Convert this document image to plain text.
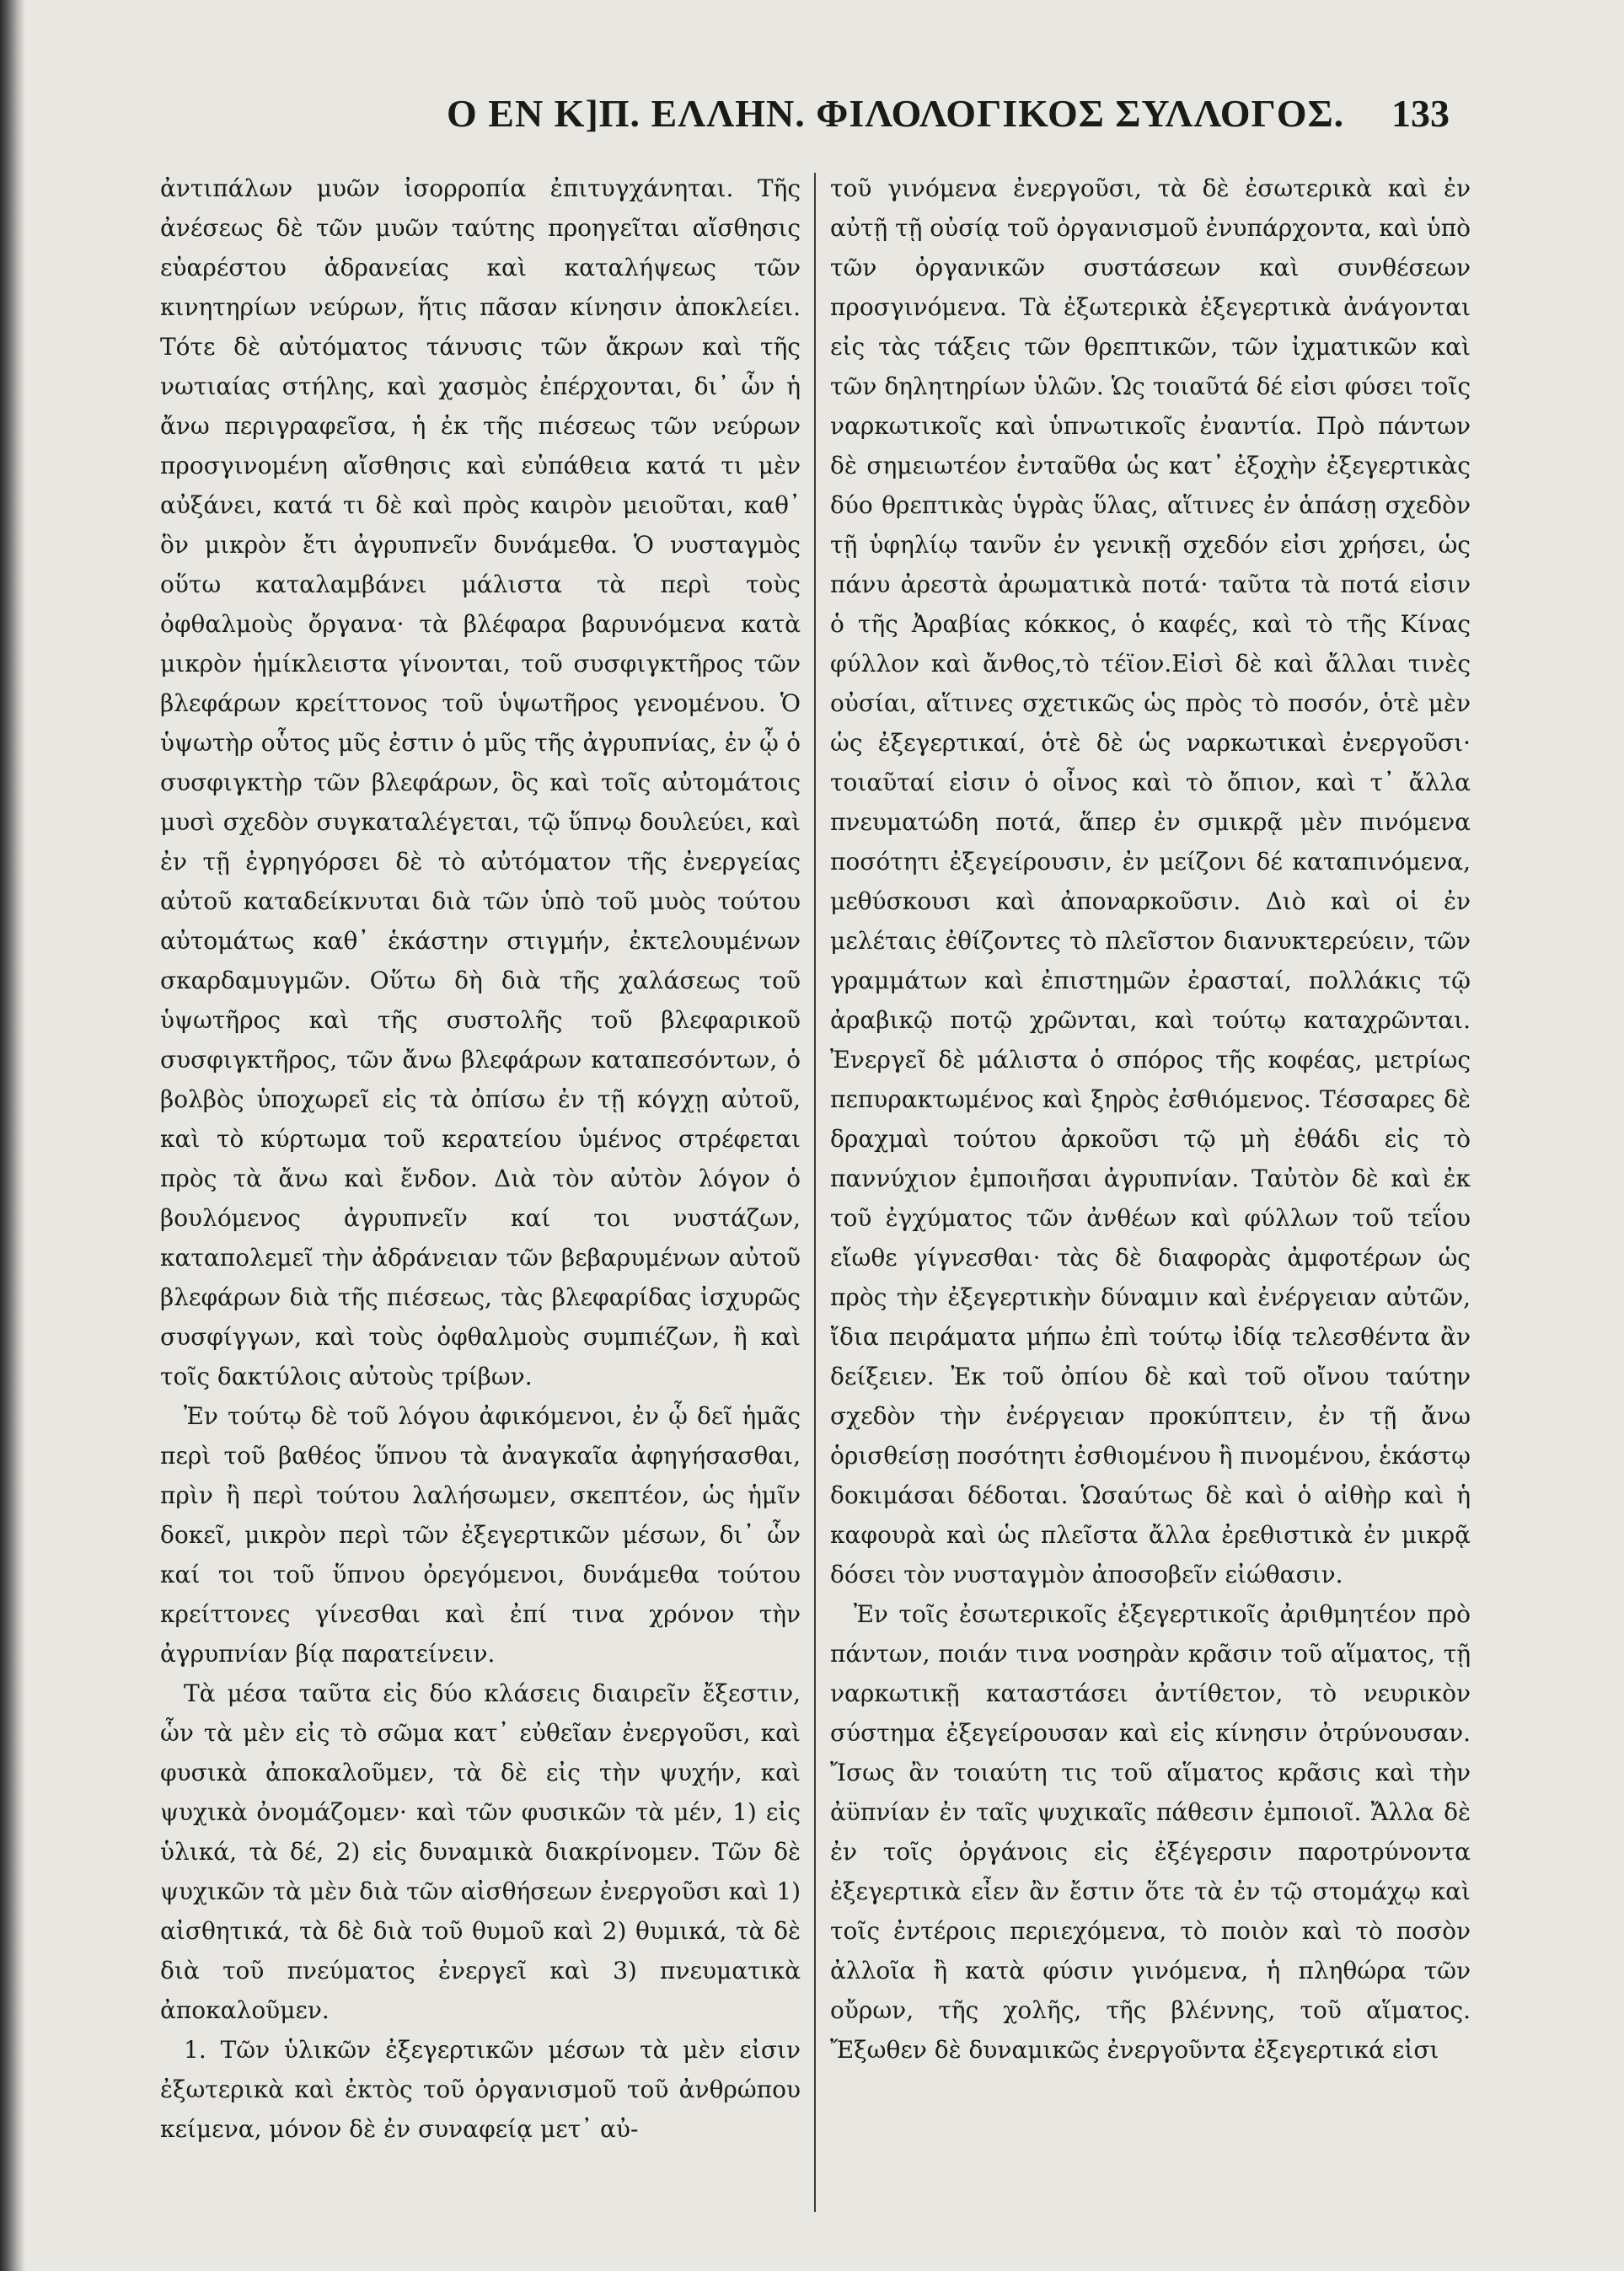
Ο ΕΝ Κ]Π. ΕΛΛΗΝ. ΦΙΛΟΛΟΓΙΚΟΣ ΣΥΛΛΟΓΟΣ. 133

ἀντιπάλων μυῶν ἰσορροπία ἐπιτυγχάνηται. Τῆς ἀνέσεως δὲ τῶν μυῶν ταύτης προηγεῖται αἴσθησις εὐαρέστου ἀδρανείας καὶ καταλήψεως τῶν κινητηρίων νεύρων, ἥτις πᾶσαν κίνησιν ἀποκλείει. Τότε δὲ αὐτόματος τάνυσις τῶν ἄκρων καὶ τῆς νωτιαίας στήλης, καὶ χασμὸς ἐπέρχονται, δι᾽ ὧν ἡ ἄνω περιγραφεῖσα, ἡ ἐκ τῆς πιέσεως τῶν νεύρων προσγινομένη αἴσθησις καὶ εὐπάθεια κατά τι μὲν αὐξάνει, κατά τι δὲ καὶ πρὸς καιρὸν μειοῦται, καθ᾽ ὃν μικρὸν ἔτι ἀγρυπνεῖν δυνάμεθα. Ὁ νυσταγμὸς οὕτω καταλαμβάνει μάλιστα τὰ περὶ τοὺς ὀφθαλμοὺς ὄργανα· τὰ βλέφαρα βαρυνόμενα κατὰ μικρὸν ἡμίκλειστα γίνονται, τοῦ συσφιγκτῆρος τῶν βλεφάρων κρείττονος τοῦ ὑψωτῆρος γενομένου. Ὁ ὑψωτὴρ οὗτος μῦς ἐστιν ὁ μῦς τῆς ἀγρυπνίας, ἐν ᾧ ὁ συσφιγκτὴρ τῶν βλεφάρων, ὃς καὶ τοῖς αὐτομάτοις μυσὶ σχεδὸν συγκαταλέγεται, τῷ ὕπνῳ δουλεύει, καὶ ἐν τῇ ἐγρηγόρσει δὲ τὸ αὐτόματον τῆς ἐνεργείας αὐτοῦ καταδείκνυται διὰ τῶν ὑπὸ τοῦ μυὸς τούτου αὐτομάτως καθ᾽ ἑκάστην στιγμήν, ἐκτελουμένων σκαρδαμυγμῶν. Οὕτω δὴ διὰ τῆς χαλάσεως τοῦ ὑψωτῆρος καὶ τῆς συστολῆς τοῦ βλεφαρικοῦ συσφιγκτῆρος, τῶν ἄνω βλεφάρων καταπεσόντων, ὁ βολβὸς ὑποχωρεῖ εἰς τὰ ὀπίσω ἐν τῇ κόγχῃ αὐτοῦ, καὶ τὸ κύρτωμα τοῦ κερατείου ὑμένος στρέφεται πρὸς τὰ ἄνω καὶ ἔνδον. Διὰ τὸν αὐτὸν λόγον ὁ βουλόμενος ἀγρυπνεῖν καί τοι νυστάζων, καταπολεμεῖ τὴν ἀδράνειαν τῶν βεβαρυμένων αὐτοῦ βλεφάρων διὰ τῆς πιέσεως, τὰς βλεφαρίδας ἰσχυρῶς συσφίγγων, καὶ τοὺς ὀφθαλμοὺς συμπιέζων, ἢ καὶ τοῖς δακτύλοις αὐτοὺς τρίβων.

Ἐν τούτῳ δὲ τοῦ λόγου ἀφικόμενοι, ἐν ᾧ δεῖ ἡμᾶς περὶ τοῦ βαθέος ὕπνου τὰ ἀναγκαῖα ἀφηγήσασθαι, πρὶν ἢ περὶ τούτου λαλήσωμεν, σκεπτέον, ὡς ἡμῖν δοκεῖ, μικρὸν περὶ τῶν ἐξεγερτικῶν μέσων, δι᾽ ὧν καί τοι τοῦ ὕπνου ὀρεγόμενοι, δυνάμεθα τούτου κρείττονες γίνεσθαι καὶ ἐπί τινα χρόνον τὴν ἀγρυπνίαν βίᾳ παρατείνειν.

Τὰ μέσα ταῦτα εἰς δύο κλάσεις διαιρεῖν ἔξεστιν, ὧν τὰ μὲν εἰς τὸ σῶμα κατ᾽ εὐθεῖαν ἐνεργοῦσι, καὶ φυσικὰ ἀποκαλοῦμεν, τὰ δὲ εἰς τὴν ψυχήν, καὶ ψυχικὰ ὀνομάζομεν· καὶ τῶν φυσικῶν τὰ μέν, 1) εἰς ὑλικά, τὰ δέ, 2) εἰς δυναμικὰ διακρίνομεν. Τῶν δὲ ψυχικῶν τὰ μὲν διὰ τῶν αἰσθήσεων ἐνεργοῦσι καὶ 1) αἰσθητικά, τὰ δὲ διὰ τοῦ θυμοῦ καὶ 2) θυμικά, τὰ δὲ διὰ τοῦ πνεύματος ἐνεργεῖ καὶ 3) πνευματικὰ ἀποκαλοῦμεν.

1. Τῶν ὑλικῶν ἐξεγερτικῶν μέσων τὰ μὲν εἰσιν ἐξωτερικὰ καὶ ἐκτὸς τοῦ ὀργανισμοῦ τοῦ ἀνθρώπου κείμενα, μόνον δὲ ἐν συναφείᾳ μετ᾽ αὐ-

τοῦ γινόμενα ἐνεργοῦσι, τὰ δὲ ἐσωτερικὰ καὶ ἐν αὐτῇ τῇ οὐσίᾳ τοῦ ὀργανισμοῦ ἐνυπάρχοντα, καὶ ὑπὸ τῶν ὀργανικῶν συστάσεων καὶ συνθέσεων προσγινόμενα. Τὰ ἐξωτερικὰ ἐξεγερτικὰ ἀνάγονται εἰς τὰς τάξεις τῶν θρεπτικῶν, τῶν ἰχματικῶν καὶ τῶν δηλητηρίων ὑλῶν. Ὡς τοιαῦτά δέ εἰσι φύσει τοῖς ναρκωτικοῖς καὶ ὑπνωτικοῖς ἐναντία. Πρὸ πάντων δὲ σημειωτέον ἐνταῦθα ὡς κατ᾽ ἐξοχὴν ἐξεγερτικὰς δύο θρεπτικὰς ὑγρὰς ὕλας, αἵτινες ἐν ἁπάσῃ σχεδὸν τῇ ὑφηλίῳ τανῦν ἐν γενικῇ σχεδόν εἰσι χρήσει, ὡς πάνυ ἀρεστὰ ἀρωματικὰ ποτά· ταῦτα τὰ ποτά εἰσιν ὁ τῆς Ἀραβίας κόκκος, ὁ καφές, καὶ τὸ τῆς Κίνας φύλλον καὶ ἄνθος,τὸ τέϊον.Εἰσὶ δὲ καὶ ἄλλαι τινὲς οὐσίαι, αἵτινες σχετικῶς ὡς πρὸς τὸ ποσόν, ὁτὲ μὲν ὡς ἐξεγερτικαί, ὁτὲ δὲ ὡς ναρκωτικαὶ ἐνεργοῦσι· τοιαῦταί εἰσιν ὁ οἶνος καὶ τὸ ὄπιον, καὶ τ᾽ ἄλλα πνευματώδη ποτά, ἅπερ ἐν σμικρᾷ μὲν πινόμενα ποσότητι ἐξεγείρουσιν, ἐν μείζονι δέ καταπινόμενα, μεθύσκουσι καὶ ἀποναρκοῦσιν. Διὸ καὶ οἱ ἐν μελέταις ἐθίζοντες τὸ πλεῖστον διανυκτερεύειν, τῶν γραμμάτων καὶ ἐπιστημῶν ἐρασταί, πολλάκις τῷ ἀραβικῷ ποτῷ χρῶνται, καὶ τούτῳ καταχρῶνται. Ἐνεργεῖ δὲ μάλιστα ὁ σπόρος τῆς κοφέας, μετρίως πεπυρακτωμένος καὶ ξηρὸς ἐσθιόμενος. Τέσσαρες δὲ δραχμαὶ τούτου ἀρκοῦσι τῷ μὴ ἐθάδι εἰς τὸ παννύχιον ἐμποιῆσαι ἀγρυπνίαν. Ταὐτὸν δὲ καὶ ἐκ τοῦ ἐγχύματος τῶν ἀνθέων καὶ φύλλων τοῦ τεΐου εἴωθε γίγνεσθαι· τὰς δὲ διαφορὰς ἀμφοτέρων ὡς πρὸς τὴν ἐξεγερτικὴν δύναμιν καὶ ἐνέργειαν αὐτῶν, ἴδια πειράματα μήπω ἐπὶ τούτῳ ἰδίᾳ τελεσθέντα ἂν δείξειεν. Ἐκ τοῦ ὀπίου δὲ καὶ τοῦ οἴνου ταύτην σχεδὸν τὴν ἐνέργειαν προκύπτειν, ἐν τῇ ἄνω ὁρισθείσῃ ποσότητι ἐσθιομένου ἢ πινομένου, ἑκάστῳ δοκιμάσαι δέδοται. Ὡσαύτως δὲ καὶ ὁ αἰθὴρ καὶ ἡ καφουρὰ καὶ ὡς πλεῖστα ἄλλα ἐρεθιστικὰ ἐν μικρᾷ δόσει τὸν νυσταγμὸν ἀποσοβεῖν εἰώθασιν.

Ἐν τοῖς ἐσωτερικοῖς ἐξεγερτικοῖς ἀριθμητέον πρὸ πάντων, ποιάν τινα νοσηρὰν κρᾶσιν τοῦ αἵματος, τῇ ναρκωτικῇ καταστάσει ἀντίθετον, τὸ νευρικὸν σύστημα ἐξεγείρουσαν καὶ εἰς κίνησιν ὀτρύνουσαν. Ἴσως ἂν τοιαύτη τις τοῦ αἵματος κρᾶσις καὶ τὴν ἀϋπνίαν ἐν ταῖς ψυχικαῖς πάθεσιν ἐμποιοῖ. Ἄλλα δὲ ἐν τοῖς ὀργάνοις εἰς ἐξέγερσιν παροτρύνοντα ἐξεγερτικὰ εἶεν ἂν ἔστιν ὅτε τὰ ἐν τῷ στομάχῳ καὶ τοῖς ἐντέροις περιεχόμενα, τὸ ποιὸν καὶ τὸ ποσὸν ἀλλοῖα ἢ κατὰ φύσιν γινόμενα, ἡ πληθώρα τῶν οὔρων, τῆς χολῆς, τῆς βλέννης, τοῦ αἵματος. Ἔξωθεν δὲ δυναμικῶς ἐνεργοῦντα ἐξεγερτικά εἰσι
